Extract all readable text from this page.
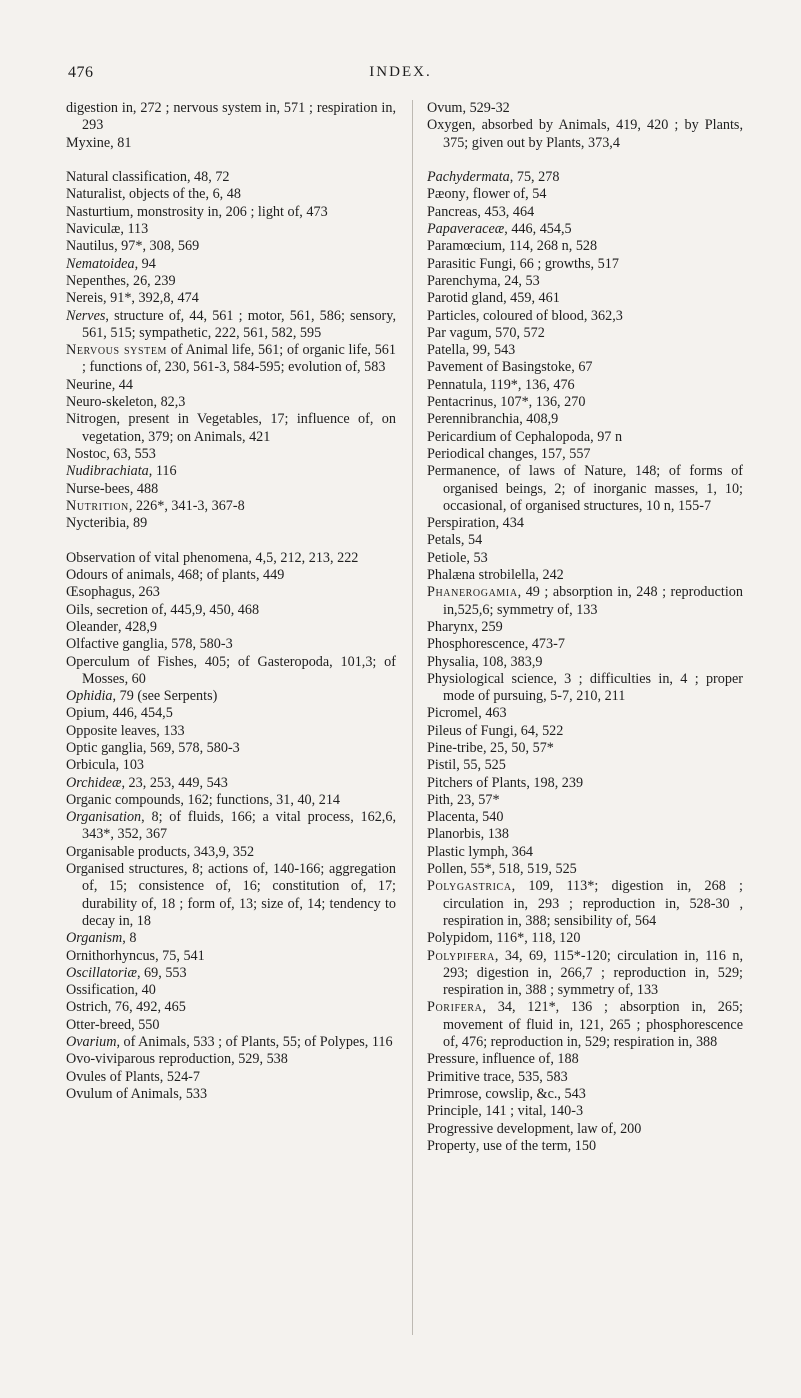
476	INDEX.
digestion in, 272 ; nervous system in, 571 ; respiration in, 293
Myxine, 81
Natural classification, 48, 72
Naturalist, objects of the, 6, 48
Nasturtium, monstrosity in, 206 ; light of, 473
Naviculæ, 113
Nautilus, 97*, 308, 569
Nematoidea, 94
Nepenthes, 26, 239
Nereis, 91*, 392,8, 474
Nerves, structure of, 44, 561 ; motor, 561, 586; sensory, 561, 515; sympathetic, 222, 561, 582, 595
Nervous system of Animal life, 561; of organic life, 561 ; functions of, 230, 561-3, 584-595; evolution of, 583
Neurine, 44
Neuro-skeleton, 82,3
Nitrogen, present in Vegetables, 17; influence of, on vegetation, 379; on Animals, 421
Nostoc, 63, 553
Nudibrachiata, 116
Nurse-bees, 488
Nutrition, 226*, 341-3, 367-8
Nycteribia, 89
Observation of vital phenomena, 4,5, 212, 213, 222
Odours of animals, 468; of plants, 449
Œsophagus, 263
Oils, secretion of, 445,9, 450, 468
Oleander, 428,9
Olfactive ganglia, 578, 580-3
Operculum of Fishes, 405; of Gasteropoda, 101,3; of Mosses, 60
Ophidia, 79 (see Serpents)
Opium, 446, 454,5
Opposite leaves, 133
Optic ganglia, 569, 578, 580-3
Orbicula, 103
Orchideæ, 23, 253, 449, 543
Organic compounds, 162; functions, 31, 40, 214
Organisation, 8; of fluids, 166; a vital process, 162,6, 343*, 352, 367
Organisable products, 343,9, 352
Organised structures, 8; actions of, 140-166; aggregation of, 15; consistence of, 16; constitution of, 17; durability of, 18 ; form of, 13; size of, 14; tendency to decay in, 18
Organism, 8
Ornithorhyncus, 75, 541
Oscillatoriæ, 69, 553
Ossification, 40
Ostrich, 76, 492, 465
Otter-breed, 550
Ovarium, of Animals, 533 ; of Plants, 55; of Polypes, 116
Ovo-viviparous reproduction, 529, 538
Ovules of Plants, 524-7
Ovulum of Animals, 533
Ovum, 529-32
Oxygen, absorbed by Animals, 419, 420 ; by Plants, 375; given out by Plants, 373,4
Pachydermata, 75, 278
Pæony, flower of, 54
Pancreas, 453, 464
Papaveraceæ, 446, 454,5
Paramœcium, 114, 268 n, 528
Parasitic Fungi, 66 ; growths, 517
Parenchyma, 24, 53
Parotid gland, 459, 461
Particles, coloured of blood, 362,3
Par vagum, 570, 572
Patella, 99, 543
Pavement of Basingstoke, 67
Pennatula, 119*, 136, 476
Pentacrinus, 107*, 136, 270
Perennibranchia, 408,9
Pericardium of Cephalopoda, 97 n
Periodical changes, 157, 557
Permanence, of laws of Nature, 148; of forms of organised beings, 2; of inorganic masses, 1, 10; occasional, of organised structures, 10 n, 155-7
Perspiration, 434
Petals, 54
Petiole, 53
Phalæna strobilella, 242
Phanerogamia, 49 ; absorption in, 248 ; reproduction in,525,6; symmetry of, 133
Pharynx, 259
Phosphorescence, 473-7
Physalia, 108, 383,9
Physiological science, 3 ; difficulties in, 4 ; proper mode of pursuing, 5-7, 210, 211
Picromel, 463
Pileus of Fungi, 64, 522
Pine-tribe, 25, 50, 57*
Pistil, 55, 525
Pitchers of Plants, 198, 239
Pith, 23, 57*
Placenta, 540
Planorbis, 138
Plastic lymph, 364
Pollen, 55*, 518, 519, 525
Polygastrica, 109, 113*; digestion in, 268 ; circulation in, 293 ; reproduction in, 528-30 , respiration in, 388; sensibility of, 564
Polypidom, 116*, 118, 120
Polypifera, 34, 69, 115*-120; circulation in, 116 n, 293; digestion in, 266,7 ; reproduction in, 529; respiration in, 388 ; symmetry of, 133
Porifera, 34, 121*, 136 ; absorption in, 265; movement of fluid in, 121, 265 ; phosphorescence of, 476; reproduction in, 529; respiration in, 388
Pressure, influence of, 188
Primitive trace, 535, 583
Primrose, cowslip, &c., 543
Principle, 141 ; vital, 140-3
Progressive development, law of, 200
Property, use of the term, 150
